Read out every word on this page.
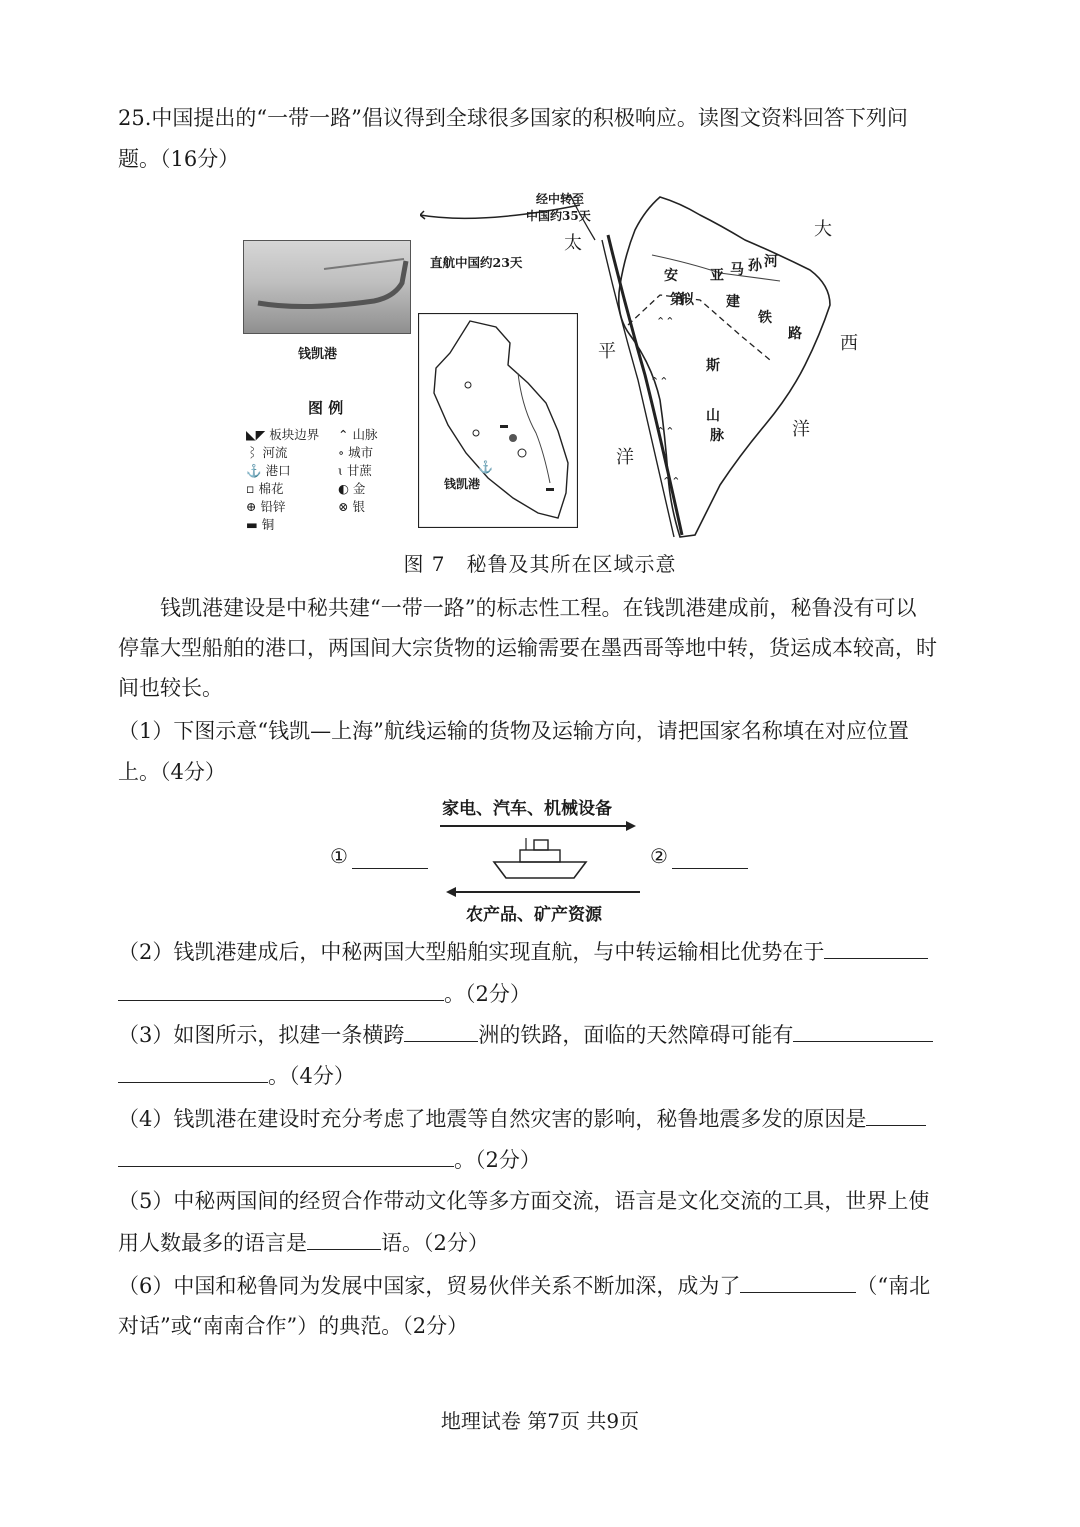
25.中国提出的“一带一路”倡议得到全球很多国家的积极响应。读图文资料回答下列问
题。（16分）
钱凯港
图 例
◣◤ 板块边界 ⌃ 山脉
⌇ 河流	∘ 城市
⚓ 港口	ɩ 甘蔗
▫ 棉花	◐ 金
⊕ 铅锌	⊗ 银
▬ 铜
⚓
钱凯港
⌃⌃
⌃⌃
⌃⌃
⌃⌃
经中转至
中国约35天
直航中国约23天
太
平
洋
大
西
洋
亚 马 孙 河
拟 建
铁
路
安
第
斯
山
脉
图 7　秘鲁及其所在区域示意
钱凯港建设是中秘共建“一带一路”的标志性工程。在钱凯港建成前，秘鲁没有可以
停靠大型船舶的港口，两国间大宗货物的运输需要在墨西哥等地中转，货运成本较高，时
间也较长。
（1）下图示意“钱凯—上海”航线运输的货物及运输方向，请把国家名称填在对应位置
上。（4分）
家电、汽车、机械设备
①	②
农产品、矿产资源
（2）钱凯港建成后，中秘两国大型船舶实现直航，与中转运输相比优势在于
。（2分）
（3）如图所示，拟建一条横跨	洲的铁路，面临的天然障碍可能有
。（4分）
（4）钱凯港在建设时充分考虑了地震等自然灾害的影响，秘鲁地震多发的原因是
。（2分）
（5）中秘两国间的经贸合作带动文化等多方面交流，语言是文化交流的工具，世界上使
用人数最多的语言是	语。（2分）
（6）中国和秘鲁同为发展中国家，贸易伙伴关系不断加深，成为了	（“南北
对话”或“南南合作”）的典范。（2分）
地理试卷 第7页 共9页
